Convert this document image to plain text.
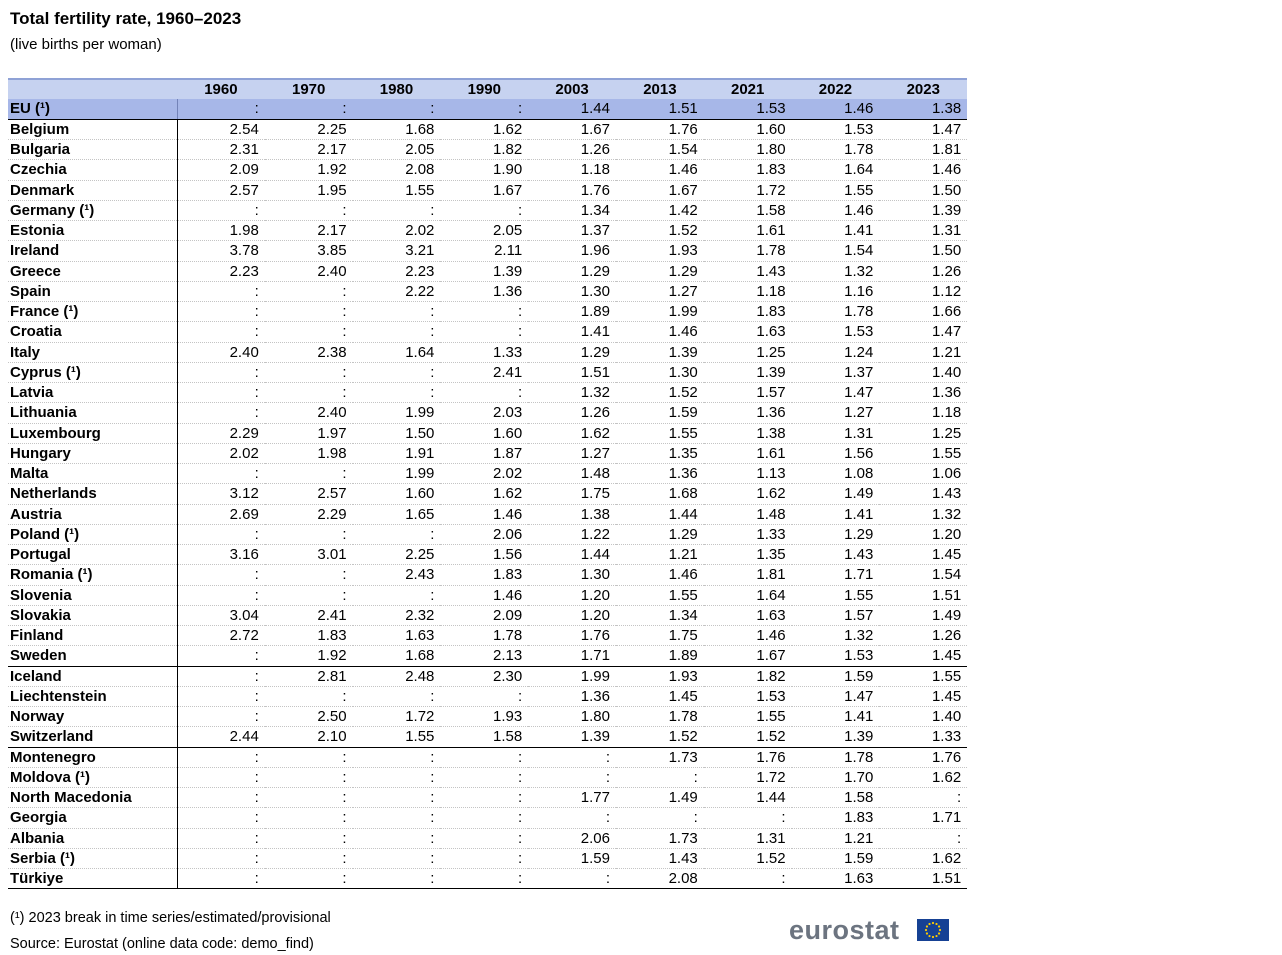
Total fertility rate, 1960–2023
(live births per woman)
	1960	1970	1980	1990	2003	2013	2021	2022	2023
EU (¹)	:	:	:	:	1.44	1.51	1.53	1.46	1.38
Belgium	2.54	2.25	1.68	1.62	1.67	1.76	1.60	1.53	1.47
Bulgaria	2.31	2.17	2.05	1.82	1.26	1.54	1.80	1.78	1.81
Czechia	2.09	1.92	2.08	1.90	1.18	1.46	1.83	1.64	1.46
Denmark	2.57	1.95	1.55	1.67	1.76	1.67	1.72	1.55	1.50
Germany (¹)	:	:	:	:	1.34	1.42	1.58	1.46	1.39
Estonia	1.98	2.17	2.02	2.05	1.37	1.52	1.61	1.41	1.31
Ireland	3.78	3.85	3.21	2.11	1.96	1.93	1.78	1.54	1.50
Greece	2.23	2.40	2.23	1.39	1.29	1.29	1.43	1.32	1.26
Spain	:	:	2.22	1.36	1.30	1.27	1.18	1.16	1.12
France (¹)	:	:	:	:	1.89	1.99	1.83	1.78	1.66
Croatia	:	:	:	:	1.41	1.46	1.63	1.53	1.47
Italy	2.40	2.38	1.64	1.33	1.29	1.39	1.25	1.24	1.21
Cyprus (¹)	:	:	:	2.41	1.51	1.30	1.39	1.37	1.40
Latvia	:	:	:	:	1.32	1.52	1.57	1.47	1.36
Lithuania	:	2.40	1.99	2.03	1.26	1.59	1.36	1.27	1.18
Luxembourg	2.29	1.97	1.50	1.60	1.62	1.55	1.38	1.31	1.25
Hungary	2.02	1.98	1.91	1.87	1.27	1.35	1.61	1.56	1.55
Malta	:	:	1.99	2.02	1.48	1.36	1.13	1.08	1.06
Netherlands	3.12	2.57	1.60	1.62	1.75	1.68	1.62	1.49	1.43
Austria	2.69	2.29	1.65	1.46	1.38	1.44	1.48	1.41	1.32
Poland (¹)	:	:	:	2.06	1.22	1.29	1.33	1.29	1.20
Portugal	3.16	3.01	2.25	1.56	1.44	1.21	1.35	1.43	1.45
Romania (¹)	:	:	2.43	1.83	1.30	1.46	1.81	1.71	1.54
Slovenia	:	:	:	1.46	1.20	1.55	1.64	1.55	1.51
Slovakia	3.04	2.41	2.32	2.09	1.20	1.34	1.63	1.57	1.49
Finland	2.72	1.83	1.63	1.78	1.76	1.75	1.46	1.32	1.26
Sweden	:	1.92	1.68	2.13	1.71	1.89	1.67	1.53	1.45
Iceland	:	2.81	2.48	2.30	1.99	1.93	1.82	1.59	1.55
Liechtenstein	:	:	:	:	1.36	1.45	1.53	1.47	1.45
Norway	:	2.50	1.72	1.93	1.80	1.78	1.55	1.41	1.40
Switzerland	2.44	2.10	1.55	1.58	1.39	1.52	1.52	1.39	1.33
Montenegro	:	:	:	:	:	1.73	1.76	1.78	1.76
Moldova (¹)	:	:	:	:	:	:	1.72	1.70	1.62
North Macedonia	:	:	:	:	1.77	1.49	1.44	1.58	:
Georgia	:	:	:	:	:	:	:	1.83	1.71
Albania	:	:	:	:	2.06	1.73	1.31	1.21	:
Serbia (¹)	:	:	:	:	1.59	1.43	1.52	1.59	1.62
Türkiye	:	:	:	:	:	2.08	:	1.63	1.51
(¹) 2023 break in time series/estimated/provisional
Source: Eurostat (online data code: demo_find)	eurostat
